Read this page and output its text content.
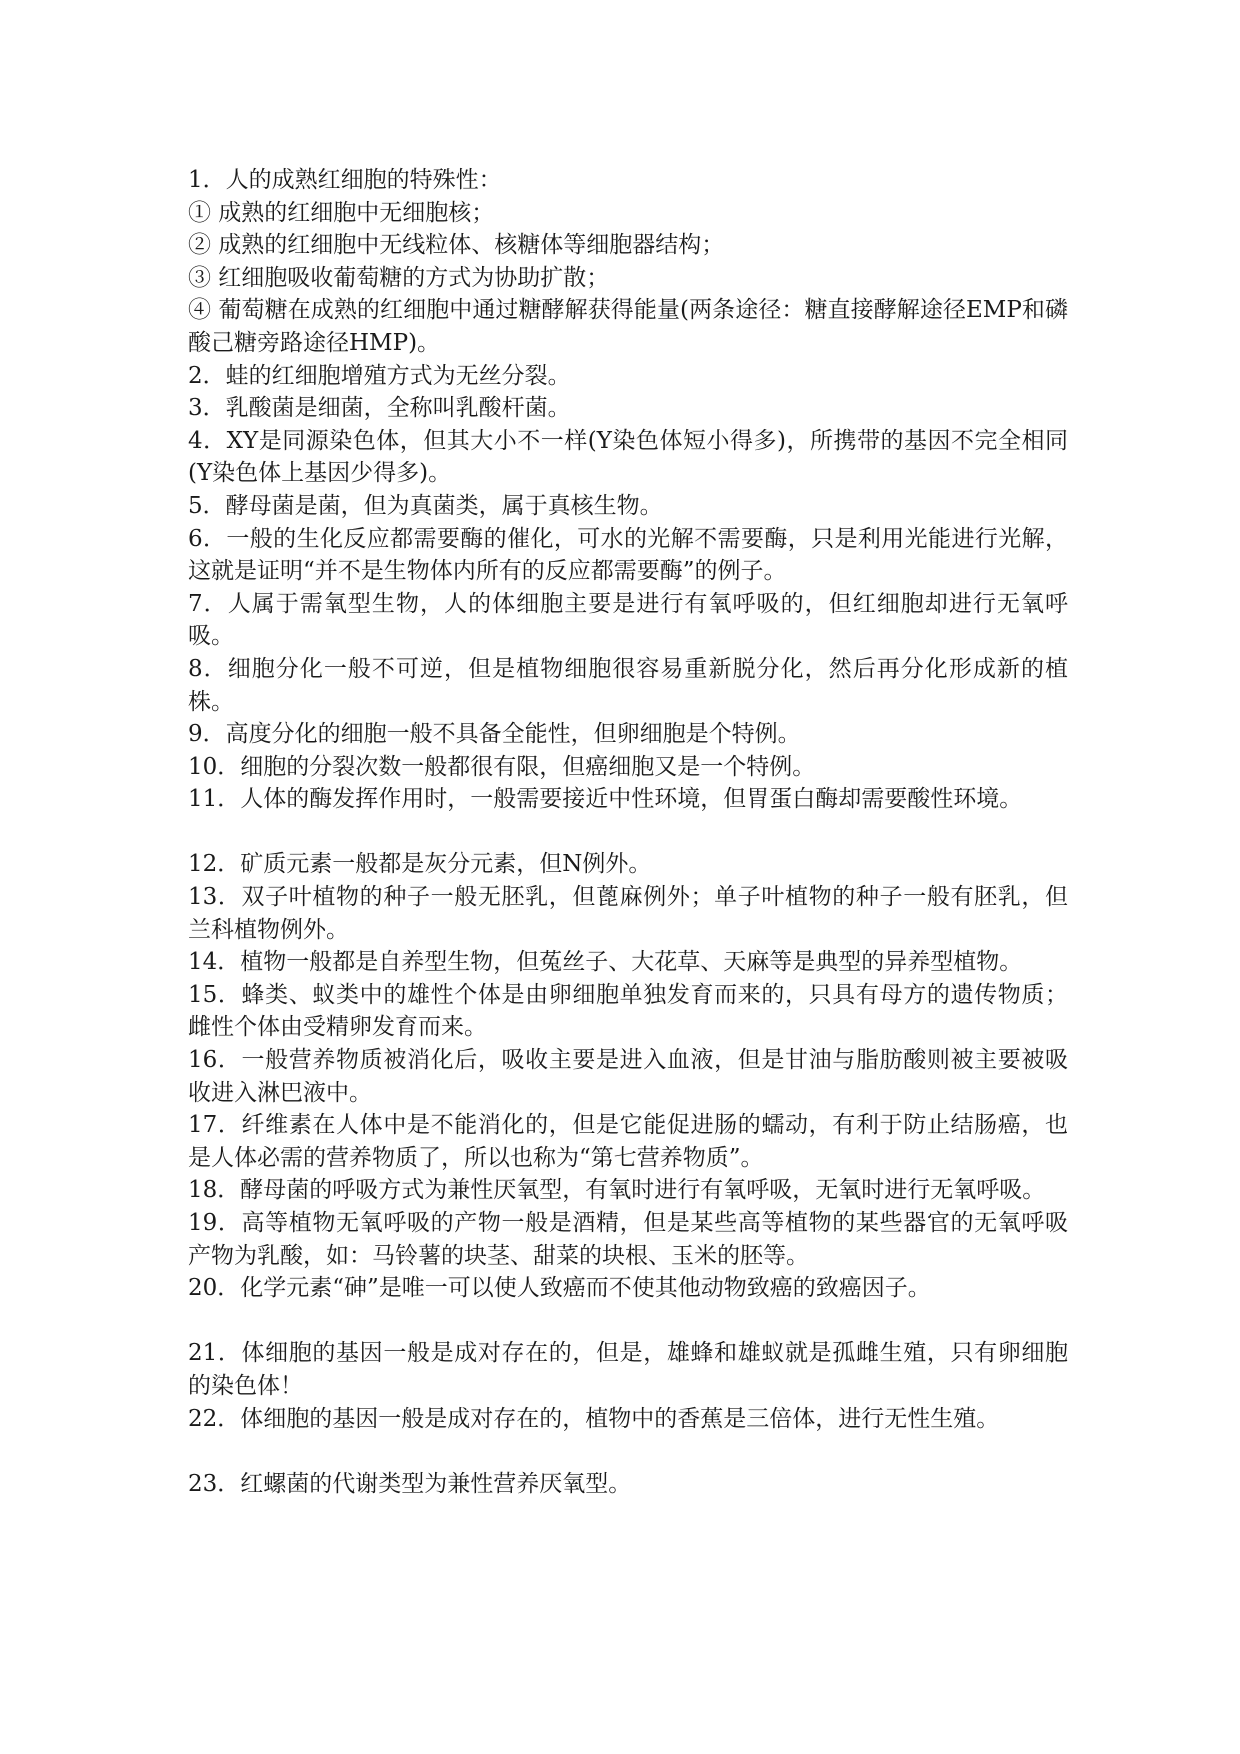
1．人的成熟红细胞的特殊性：

① 成熟的红细胞中无细胞核；

② 成熟的红细胞中无线粒体、核糖体等细胞器结构；

③ 红细胞吸收葡萄糖的方式为协助扩散；

④ 葡萄糖在成熟的红细胞中通过糖酵解获得能量(两条途径：糖直接酵解途径EMP和磷酸己糖旁路途径HMP)。

2．蛙的红细胞增殖方式为无丝分裂。

3．乳酸菌是细菌，全称叫乳酸杆菌。

4．XY是同源染色体，但其大小不一样(Y染色体短小得多)，所携带的基因不完全相同(Y染色体上基因少得多)。

5．酵母菌是菌，但为真菌类，属于真核生物。

6．一般的生化反应都需要酶的催化，可水的光解不需要酶，只是利用光能进行光解，这就是证明“并不是生物体内所有的反应都需要酶”的例子。

7．人属于需氧型生物，人的体细胞主要是进行有氧呼吸的，但红细胞却进行无氧呼吸。

8．细胞分化一般不可逆，但是植物细胞很容易重新脱分化，然后再分化形成新的植株。

9．高度分化的细胞一般不具备全能性，但卵细胞是个特例。

10．细胞的分裂次数一般都很有限，但癌细胞又是一个特例。

11．人体的酶发挥作用时，一般需要接近中性环境，但胃蛋白酶却需要酸性环境。

12．矿质元素一般都是灰分元素，但N例外。

13．双子叶植物的种子一般无胚乳，但蓖麻例外；单子叶植物的种子一般有胚乳，但兰科植物例外。

14．植物一般都是自养型生物，但菟丝子、大花草、天麻等是典型的异养型植物。

15．蜂类、蚁类中的雄性个体是由卵细胞单独发育而来的，只具有母方的遗传物质；雌性个体由受精卵发育而来。

16．一般营养物质被消化后，吸收主要是进入血液，但是甘油与脂肪酸则被主要被吸收进入淋巴液中。

17．纤维素在人体中是不能消化的，但是它能促进肠的蠕动，有利于防止结肠癌，也是人体必需的营养物质了，所以也称为“第七营养物质”。

18．酵母菌的呼吸方式为兼性厌氧型，有氧时进行有氧呼吸，无氧时进行无氧呼吸。

19．高等植物无氧呼吸的产物一般是酒精，但是某些高等植物的某些器官的无氧呼吸产物为乳酸，如：马铃薯的块茎、甜菜的块根、玉米的胚等。

20．化学元素“砷”是唯一可以使人致癌而不使其他动物致癌的致癌因子。

21．体细胞的基因一般是成对存在的，但是，雄蜂和雄蚁就是孤雌生殖，只有卵细胞的染色体！

22．体细胞的基因一般是成对存在的，植物中的香蕉是三倍体，进行无性生殖。

23．红螺菌的代谢类型为兼性营养厌氧型。
